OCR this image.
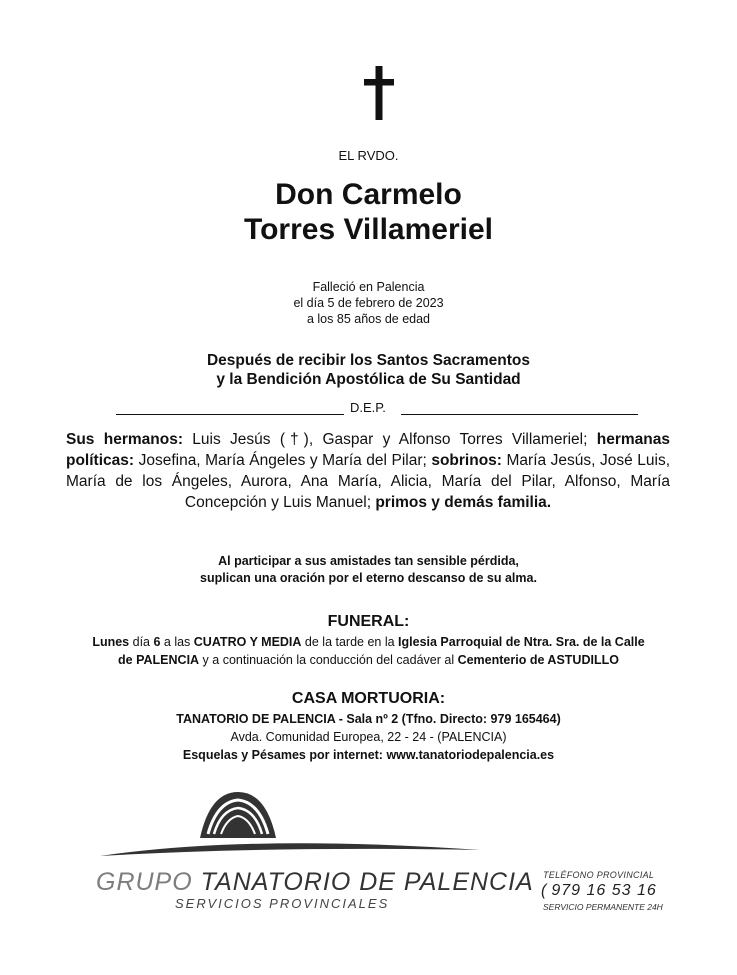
EL RVDO.
Don Carmelo
Torres Villameriel
Falleció en Palencia
el día 5 de febrero de 2023
a los 85 años de edad
Después de recibir los Santos Sacramentos
y la Bendición Apostólica de Su Santidad
D.E.P.
Sus hermanos: Luis Jesús (†), Gaspar y Alfonso Torres Villameriel; hermanas políticas: Josefina, María Ángeles y María del Pilar; sobrinos: María Jesús, José Luis, María de los Ángeles, Aurora, Ana María, Alicia, María del Pilar, Alfonso, María Concepción y Luis Manuel; primos y demás familia.
Al participar a sus amistades tan sensible pérdida,
suplican una oración por el eterno descanso de su alma.
FUNERAL:
Lunes día 6 a las CUATRO Y MEDIA de la tarde en la Iglesia Parroquial de Ntra. Sra. de la Calle
de PALENCIA y a continuación la conducción del cadáver al Cementerio de ASTUDILLO
CASA MORTUORIA:
TANATORIO DE PALENCIA - Sala nº 2 (Tfno. Directo: 979 165464)
Avda. Comunidad Europea, 22 - 24 - (PALENCIA)
Esquelas y Pésames por internet: www.tanatoriodepalencia.es
GRUPO TANATORIO DE PALENCIA
SERVICIOS PROVINCIALES
TELÉFONO PROVINCIAL
( 979 16 53 16
SERVICIO PERMANENTE 24H
